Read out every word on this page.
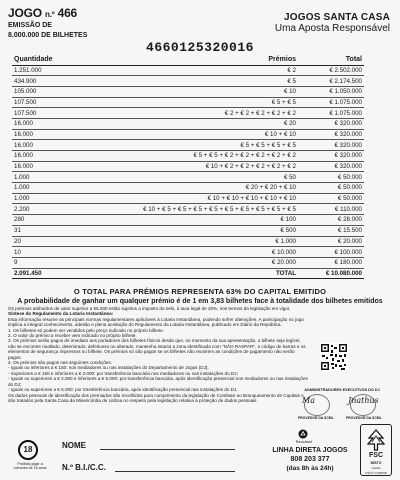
JOGO n.º 466
EMISSÃO DE
8.000.000 DE BILHETES
JOGOS SANTA CASA
Uma Aposta Responsável
4660125320016
Quantidade	Prémios	Total
1.251.000	€ 2	€ 2.502.000
434.900	€ 5	€ 2.174.500
105.000	€ 10	€ 1.050.000
107.500	€ 5 + € 5	€ 1.075.000
107.500	€ 2 + € 2 + € 2 + € 2 + € 2	€ 1.075.000
16.000	€ 20	€ 320.000
16.000	€ 10 + € 10	€ 320.000
16.000	€ 5 + € 5 + € 5 + € 5	€ 320.000
16.000	€ 5 + € 5 + € 2 + € 2 + € 2 + € 2 + € 2	€ 320.000
16.000	€ 10 + € 2 + € 2 + € 2 + € 2 + € 2	€ 320.000
1.000	€ 50	€ 50.000
1.000	€ 20 + € 20 + € 10	€ 50.000
1.000	€ 10 + € 10 + € 10 + € 10 + € 10	€ 50.000
2.200	€ 10 + € 5 + € 5 + € 5 + € 5 + € 5 + € 5 + € 5 + € 5 + € 5	€ 110.000
280	€ 100	€ 28.000
31	€ 500	€ 15.500
20	€ 1.000	€ 20.000
10	€ 10.000	€ 100.000
9	€ 20.000	€ 180.000
2.091.450	TOTAL	€ 10.080.000
O TOTAL PARA PRÉMIOS REPRESENTA 63% DO CAPITAL EMITIDO
A probabilidade de ganhar um qualquer prémio é de 1 em 3,83 bilhetes face à totalidade dos bilhetes emitidos

Os prémios atribuídos de valor superior a €5.000 estão sujeitos a imposto do selo, à taxa legal de 20%, nos termos da legislação em vigor.

Síntese do Regulamento da Lotaria Instantânea:

Esta informação resume as principais normas regulamentares aplicáveis à Lotaria Instantânea, podendo sofrer alterações. A participação no jogo implica a integral conhecimento, adesão e plena aceitação do Regulamento da Lotaria Instantânea, publicado em Diário da República.

1. Os bilhetes só podem ser vendidos pelo preço indicado no próprio bilhete.

2. O valor do prémio a receber vem indicado no próprio bilhete.

3. Os prémios serão pagos de imediato aos portadores dos bilhetes físicos desde que, no momento da sua apresentação, o bilhete seja legível, não se encontre mutilado, deteriorado, defeituoso ou alterado, mantenha intacta a zona identificada com "NÃO RASPAR", o código de barras e os elementos de segurança impressos no bilhete. Os prémios só são pagos se os bilhetes não reunirem as condições de pagamento não serão pagos.

4. Os prémios são pagos nas seguintes condições:

- Iguais ou inferiores a € 150: nos mediadores ou nas instalações do Departamento de Jogos (DJ);

- Superiores a € 150 e inferiores a € 2.000: por transferência bancária nos mediadores ou nas instalações do DJ;

- Iguais ou superiores a € 2.000 e inferiores a € 5.000: por transferência bancária, após identificação presencial nos mediadores ou nas instalações do DJ;

- Iguais ou superiores a € 5.000: por transferência bancária, após identificação presencial nas instalações do DJ.

Os dados pessoais de identificação dos premiados são recolhidos para cumprimento da legislação de Combate ao Branqueamento de Capitais e são tratados pela Santa Casa da Misericórdia de Lisboa no respeito pela legislação relativa à proteção de dados pessoais.

ADMINISTRADORES EXECUTIVOS DO DJ
Ma	Jnathus
PROVEDOR DA SCML	PROVEDOR DA SCML
18
Proibido jogar a menores de 18 anos
NOME
N.º B.I./C.C.
Reciclável
LINHA DIRETA JOGOS
808 203 377
(das 8h às 24h)
FSC
MISTO
Cartão
FSC® C108708
